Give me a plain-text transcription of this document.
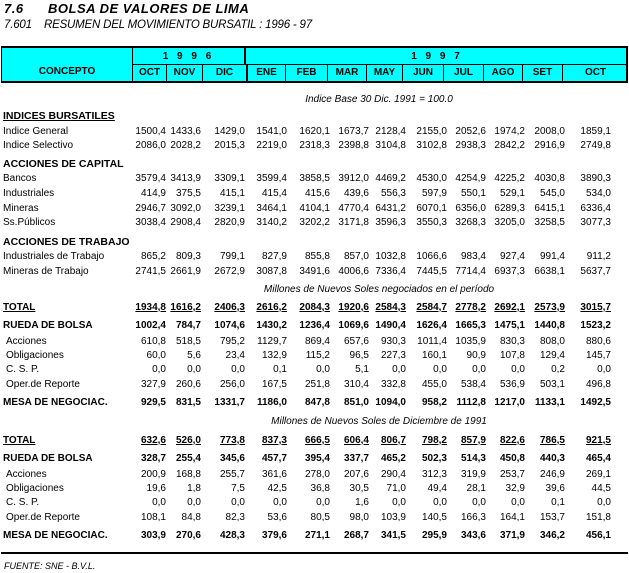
7.6 BOLSA DE VALORES DE LIMA
7.601 RESUMEN DEL MOVIMIENTO BURSATIL : 1996 - 97
CONCEPTO
1 9 9 6	1 9 9 7
OCT	NOV	DIC	ENE	FEB	MAR	MAY	JUN	JUL	AGO	SET	OCT
Indice Base 30 Dic. 1991 = 100.0
INDICES BURSATILES
Indice General	1500,4 1433,6 1429,0 1541,0 1620,1 1673,7 2128,4 2155,0 2052,6 1974,2 2008,0 1859,1
Indice Selectivo	2086,0 2028,2 2015,3 2219,0 2318,3 2398,8 3104,8 3102,8 2938,3 2842,2 2916,9 2749,8
ACCIONES DE CAPITAL
Bancos	3579,4 3413,9 3309,1 3599,4 3858,5 3912,0 4469,2 4530,0 4254,9 4225,2 4030,8 3890,3
Industriales	414,9 375,5 415,1 415,4 415,6 439,6 556,3 597,9 550,1 529,1 545,0 534,0
Mineras	2946,7 3092,0 3239,1 3464,1 4104,1 4770,4 6431,2 6070,1 6356,0 6289,3 6415,1 6336,4
Ss.Públicos	3038,4 2908,4 2820,9 3140,2 3202,2 3171,8 3596,3 3550,3 3268,3 3205,0 3258,5 3077,3
ACCIONES DE TRABAJO
Industriales de Trabajo	865,2 809,3 799,1 827,9 855,8 857,0 1032,8 1066,6 983,4 927,4 991,4 911,2
Mineras de Trabajo	2741,5 2661,9 2672,9 3087,8 3491,6 4006,6 7336,4 7445,5 7714,4 6937,3 6638,1 5637,7
TOTAL	1934,8 1616,2 2406,3 2616,2 2084,3 1920,6 2584,3 2584,7 2778,2 2692,1 2573,9 3015,7
RUEDA DE BOLSA	1002,4 784,7 1074,6 1430,2 1236,4 1069,6 1490,4 1626,4 1665,3 1475,1 1440,8 1523,2
Acciones	610,8 518,5 795,2 1129,7 869,4 657,6 930,3 1011,4 1035,9 830,3 808,0 880,6
Obligaciones	60,0 5,6 23,4 132,9 115,2 96,5 227,3 160,1 90,9 107,8 129,4 145,7
C. S. P.	0,0 0,0	0,0	0,1	0,0	5,1 0,0	0,0	0,0	0,0	0,2	0,0
Oper.de Reporte	327,9 260,6 256,0 167,5 251,8 310,4 332,8 455,0 538,4 536,9 503,1 496,8
MESA DE NEGOCIAC.	929,5 831,5 1331,7 1186,0 847,8 851,0 1094,0 958,2 1112,8 1217,0 1133,1 1492,5
TOTAL	632,6 526,0 773,8 837,3 666,5 606,4 806,7 798,2 857,9 822,6 786,5 921,5
RUEDA DE BOLSA	328,7 255,4 345,6 457,7 395,4 337,7 465,2 502,3 514,3 450,8 440,3 465,4
Acciones	200,9 168,8 255,7 361,6 278,0 207,6 290,4 312,3 319,9 253,7 246,9 269,1
Obligaciones	19,6 1,8	7,5 42,5 36,8 30,5 71,0 49,4 28,1 32,9 39,6	44,5
C. S. P.	0,0 0,0	0,0	0,0	0,0	1,6 0,0	0,0	0,0	0,0	0,1	0,0
Oper.de Reporte	108,1 84,8 82,3 53,6 80,5 98,0 103,9 140,5 166,3 164,1 153,7 151,8
MESA DE NEGOCIAC.	303,9 270,6 428,3 379,6 271,1 268,7 341,5 295,9 343,6 371,9 346,2 456,1
Millones de Nuevos Soles negociados en el período
Millones de Nuevos Soles de Diciembre de 1991
FUENTE: SNE - B.V.L.
